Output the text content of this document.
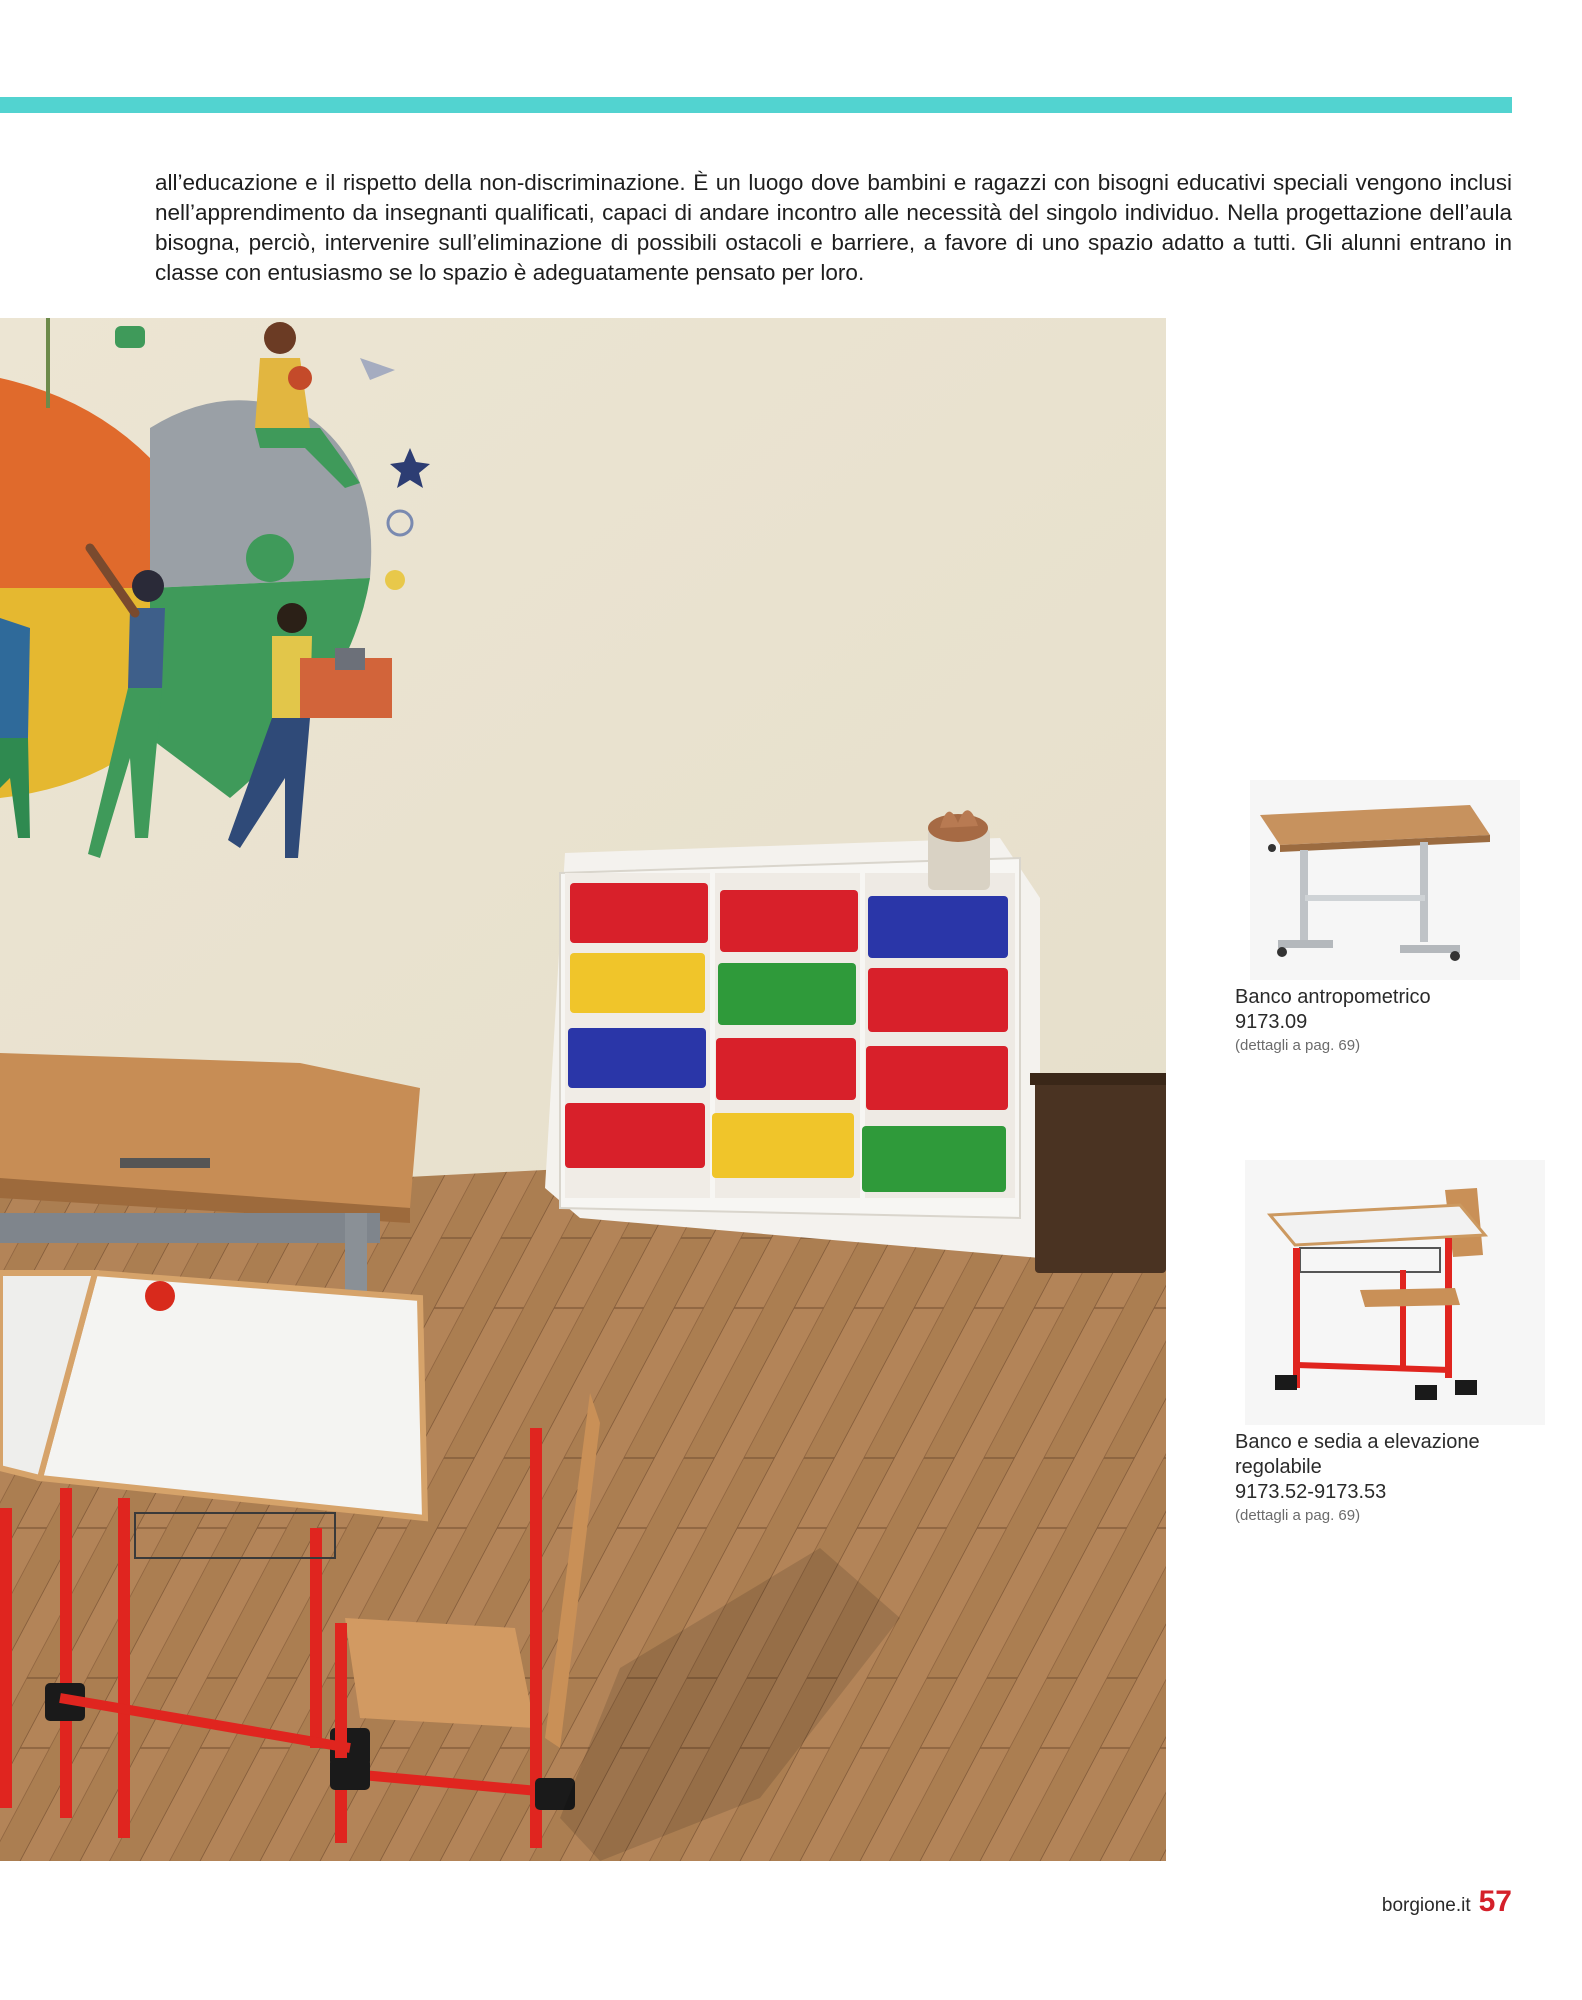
all’educazione e il rispetto della non-discriminazione. È un luogo dove bambini e ragazzi con bisogni educativi speciali vengono inclusi nell’apprendimento da insegnanti qualificati, capaci di andare incontro alle necessità del singolo individuo. Nella progettazione dell’aula bisogna, perciò, intervenire sull’eliminazione di possibili ostacoli e barriere, a favore di uno spazio adatto a tutti. Gli alunni entrano in classe con entusiasmo se lo spazio è adeguatamente pensato per loro.

Banco antropometrico
9173.09
(dettagli a pag. 69)
Banco e sedia a elevazione regolabile
9173.52-9173.53
(dettagli a pag. 69)
borgione.it 57
